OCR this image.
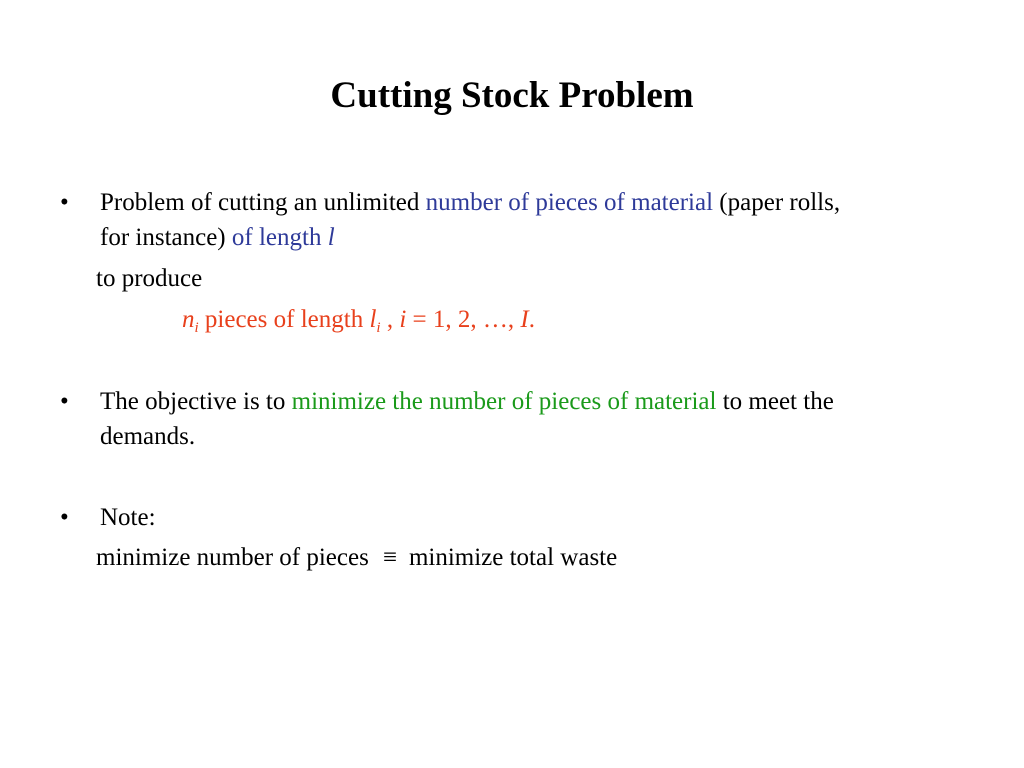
Cutting Stock Problem
• Problem of cutting an unlimited number of pieces of material (paper rolls,
for instance) of length l
to produce
$n_i$ pieces of length $l_i$ , i = 1, 2, …, I.
• The objective is to minimize the number of pieces of material to meet the
demands.
• Note:
minimize number of pieces ≡ minimize total waste
